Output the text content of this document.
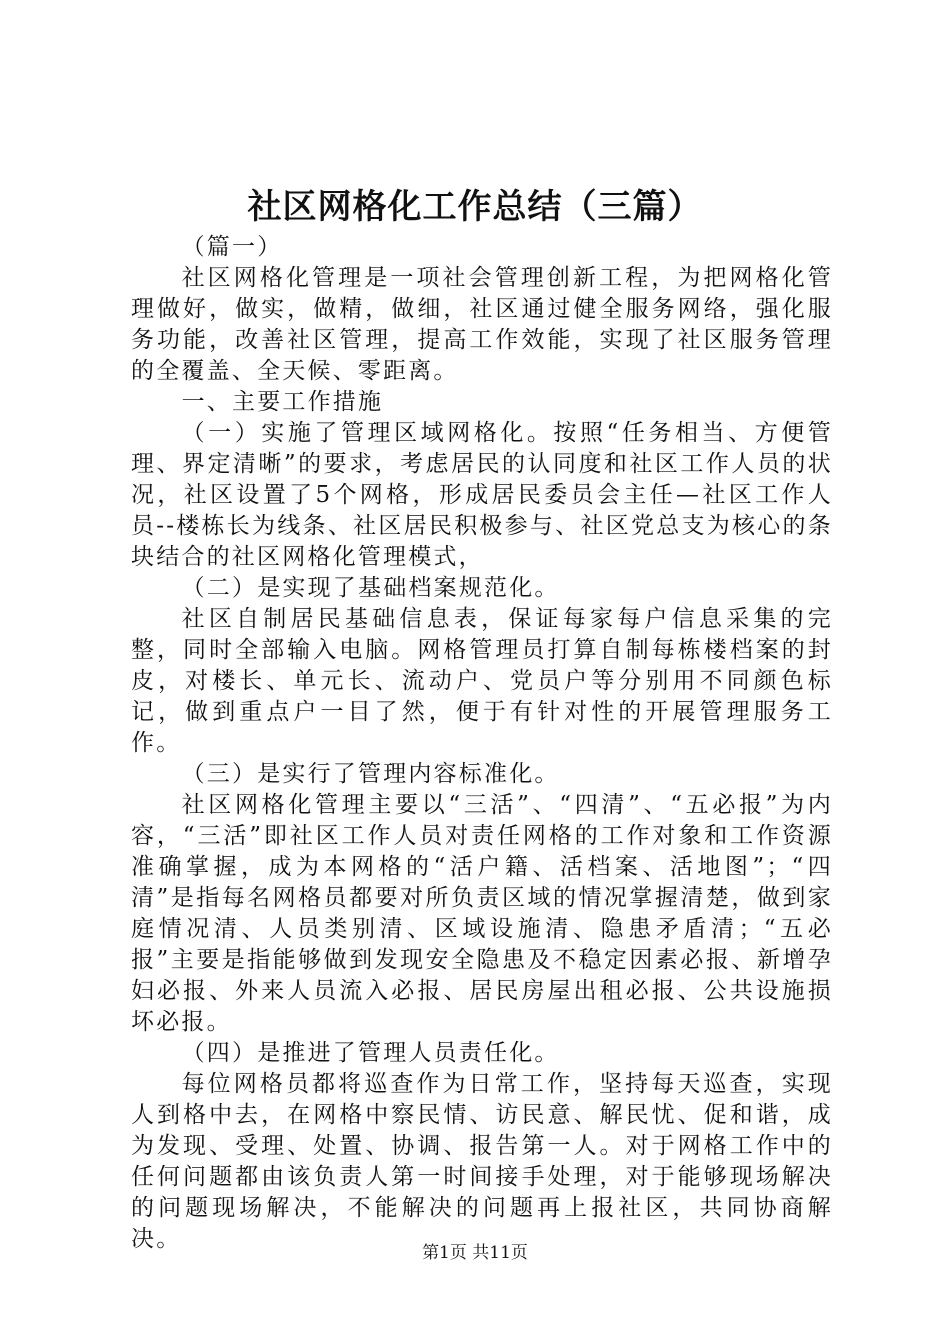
社区网格化工作总结（三篇）

（篇一）

社区网格化管理是一项社会管理创新工程，为把网格化管理做好，做实，做精，做细，社区通过健全服务网络，强化服务功能，改善社区管理，提高工作效能，实现了社区服务管理的全覆盖、全天候、零距离。

一、主要工作措施

（一）实施了管理区域网格化。按照“任务相当、方便管理、界定清晰”的要求，考虑居民的认同度和社区工作人员的状况，社区设置了5个网格，形成居民委员会主任—社区工作人员--楼栋长为线条、社区居民积极参与、社区党总支为核心的条块结合的社区网格化管理模式，

（二）是实现了基础档案规范化。

社区自制居民基础信息表，保证每家每户信息采集的完整，同时全部输入电脑。网格管理员打算自制每栋楼档案的封皮，对楼长、单元长、流动户、党员户等分别用不同颜色标记，做到重点户一目了然，便于有针对性的开展管理服务工作。

（三）是实行了管理内容标准化。

社区网格化管理主要以“三活”、“四清”、“五必报”为内容，“三活”即社区工作人员对责任网格的工作对象和工作资源准确掌握，成为本网格的“活户籍、活档案、活地图”；“四清”是指每名网格员都要对所负责区域的情况掌握清楚，做到家庭情况清、人员类别清、区域设施清、隐患矛盾清；“五必报”主要是指能够做到发现安全隐患及不稳定因素必报、新增孕妇必报、外来人员流入必报、居民房屋出租必报、公共设施损坏必报。

（四）是推进了管理人员责任化。

每位网格员都将巡查作为日常工作，坚持每天巡查，实现人到格中去，在网格中察民情、访民意、解民忧、促和谐，成为发现、受理、处置、协调、报告第一人。对于网格工作中的任何问题都由该负责人第一时间接手处理，对于能够现场解决的问题现场解决，不能解决的问题再上报社区，共同协商解决。

第1页 共11页
